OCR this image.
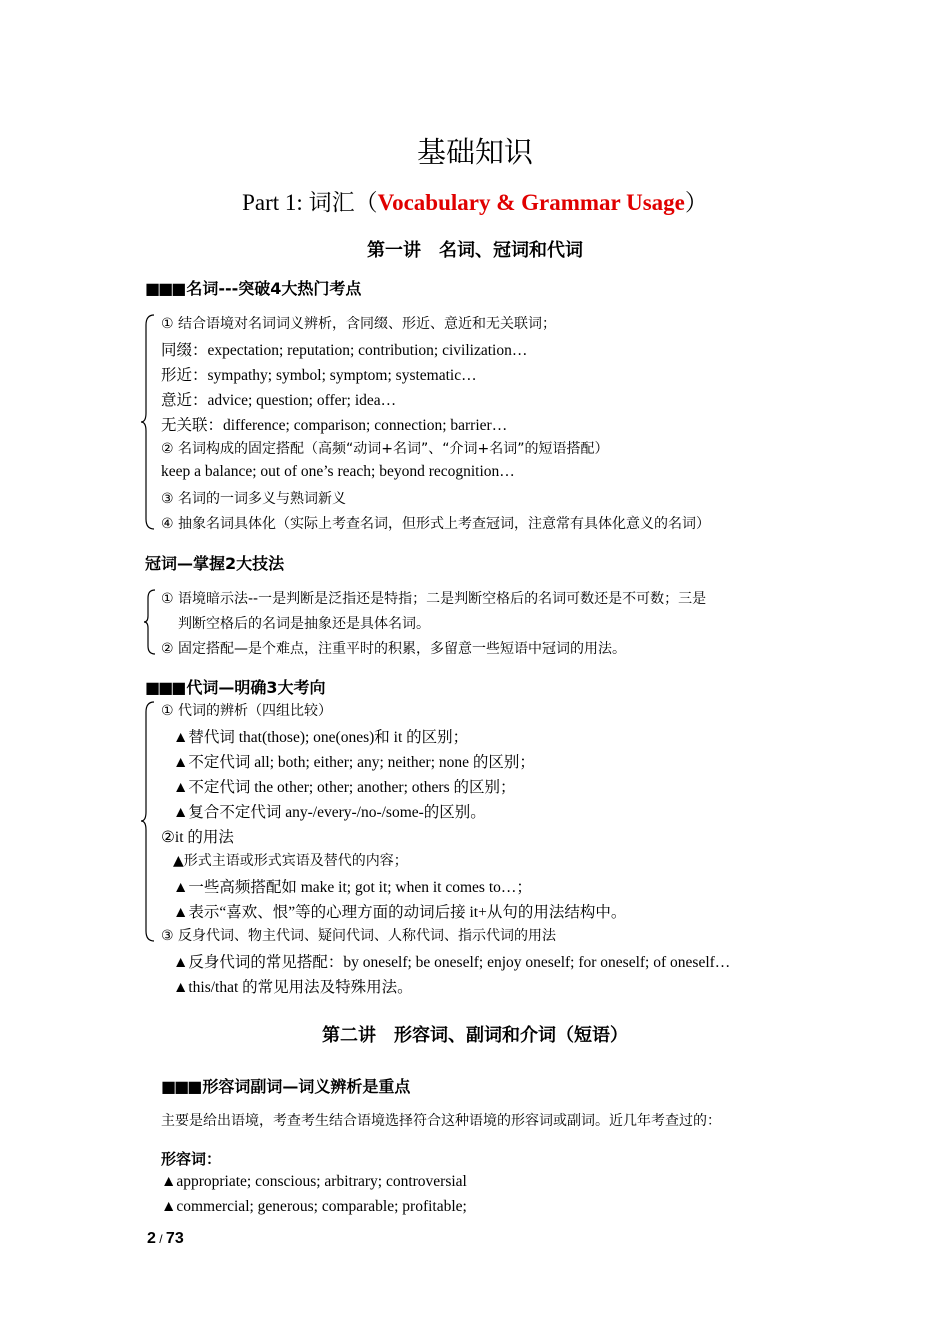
基础知识
Part 1: 词汇（Vocabulary & Grammar Usage）
第一讲　名词、冠词和代词
■■■ 名词---突破4大热门考点
① 结合语境对名词词义辨析，含同缀、形近、意近和无关联词；
同缀：expectation; reputation; contribution; civilization…
形近：sympathy; symbol; symptom; systematic…
意近：advice; question; offer; idea…
无关联：difference; comparison; connection; barrier…
② 名词构成的固定搭配（高频“动词+名词”、“介词+名词”的短语搭配）
keep a balance; out of one’s reach; beyond recognition…
③ 名词的一词多义与熟词新义
④ 抽象名词具体化（实际上考查名词，但形式上考查冠词，注意常有具体化意义的名词）
冠词—掌握2大技法
① 语境暗示法--一是判断是泛指还是特指；二是判断空格后的名词可数还是不可数；三是
判断空格后的名词是抽象还是具体名词。
② 固定搭配—是个难点，注重平时的积累，多留意一些短语中冠词的用法。
■■■ 代词—明确3大考向
① 代词的辨析（四组比较）
▲替代词 that(those); one(ones)和 it 的区别；
▲不定代词 all; both; either; any; neither; none 的区别；
▲不定代词 the other; other; another; others 的区别；
▲复合不定代词 any-/every-/no-/some-的区别。
②it 的用法
▲形式主语或形式宾语及替代的内容；
▲一些高频搭配如 make it; got it; when it comes to…；
▲表示“喜欢、恨”等的心理方面的动词后接 it+从句的用法结构中。
③ 反身代词、物主代词、疑问代词、人称代词、指示代词的用法
▲反身代词的常见搭配：by oneself; be oneself; enjoy oneself; for oneself; of oneself…
▲this/that 的常见用法及特殊用法。
第二讲　形容词、副词和介词（短语）
■■■ 形容词副词—词义辨析是重点
主要是给出语境，考查考生结合语境选择符合这种语境的形容词或副词。近几年考查过的：
形容词：
▲appropriate; conscious; arbitrary; controversial
▲commercial; generous; comparable; profitable;
2 / 73
